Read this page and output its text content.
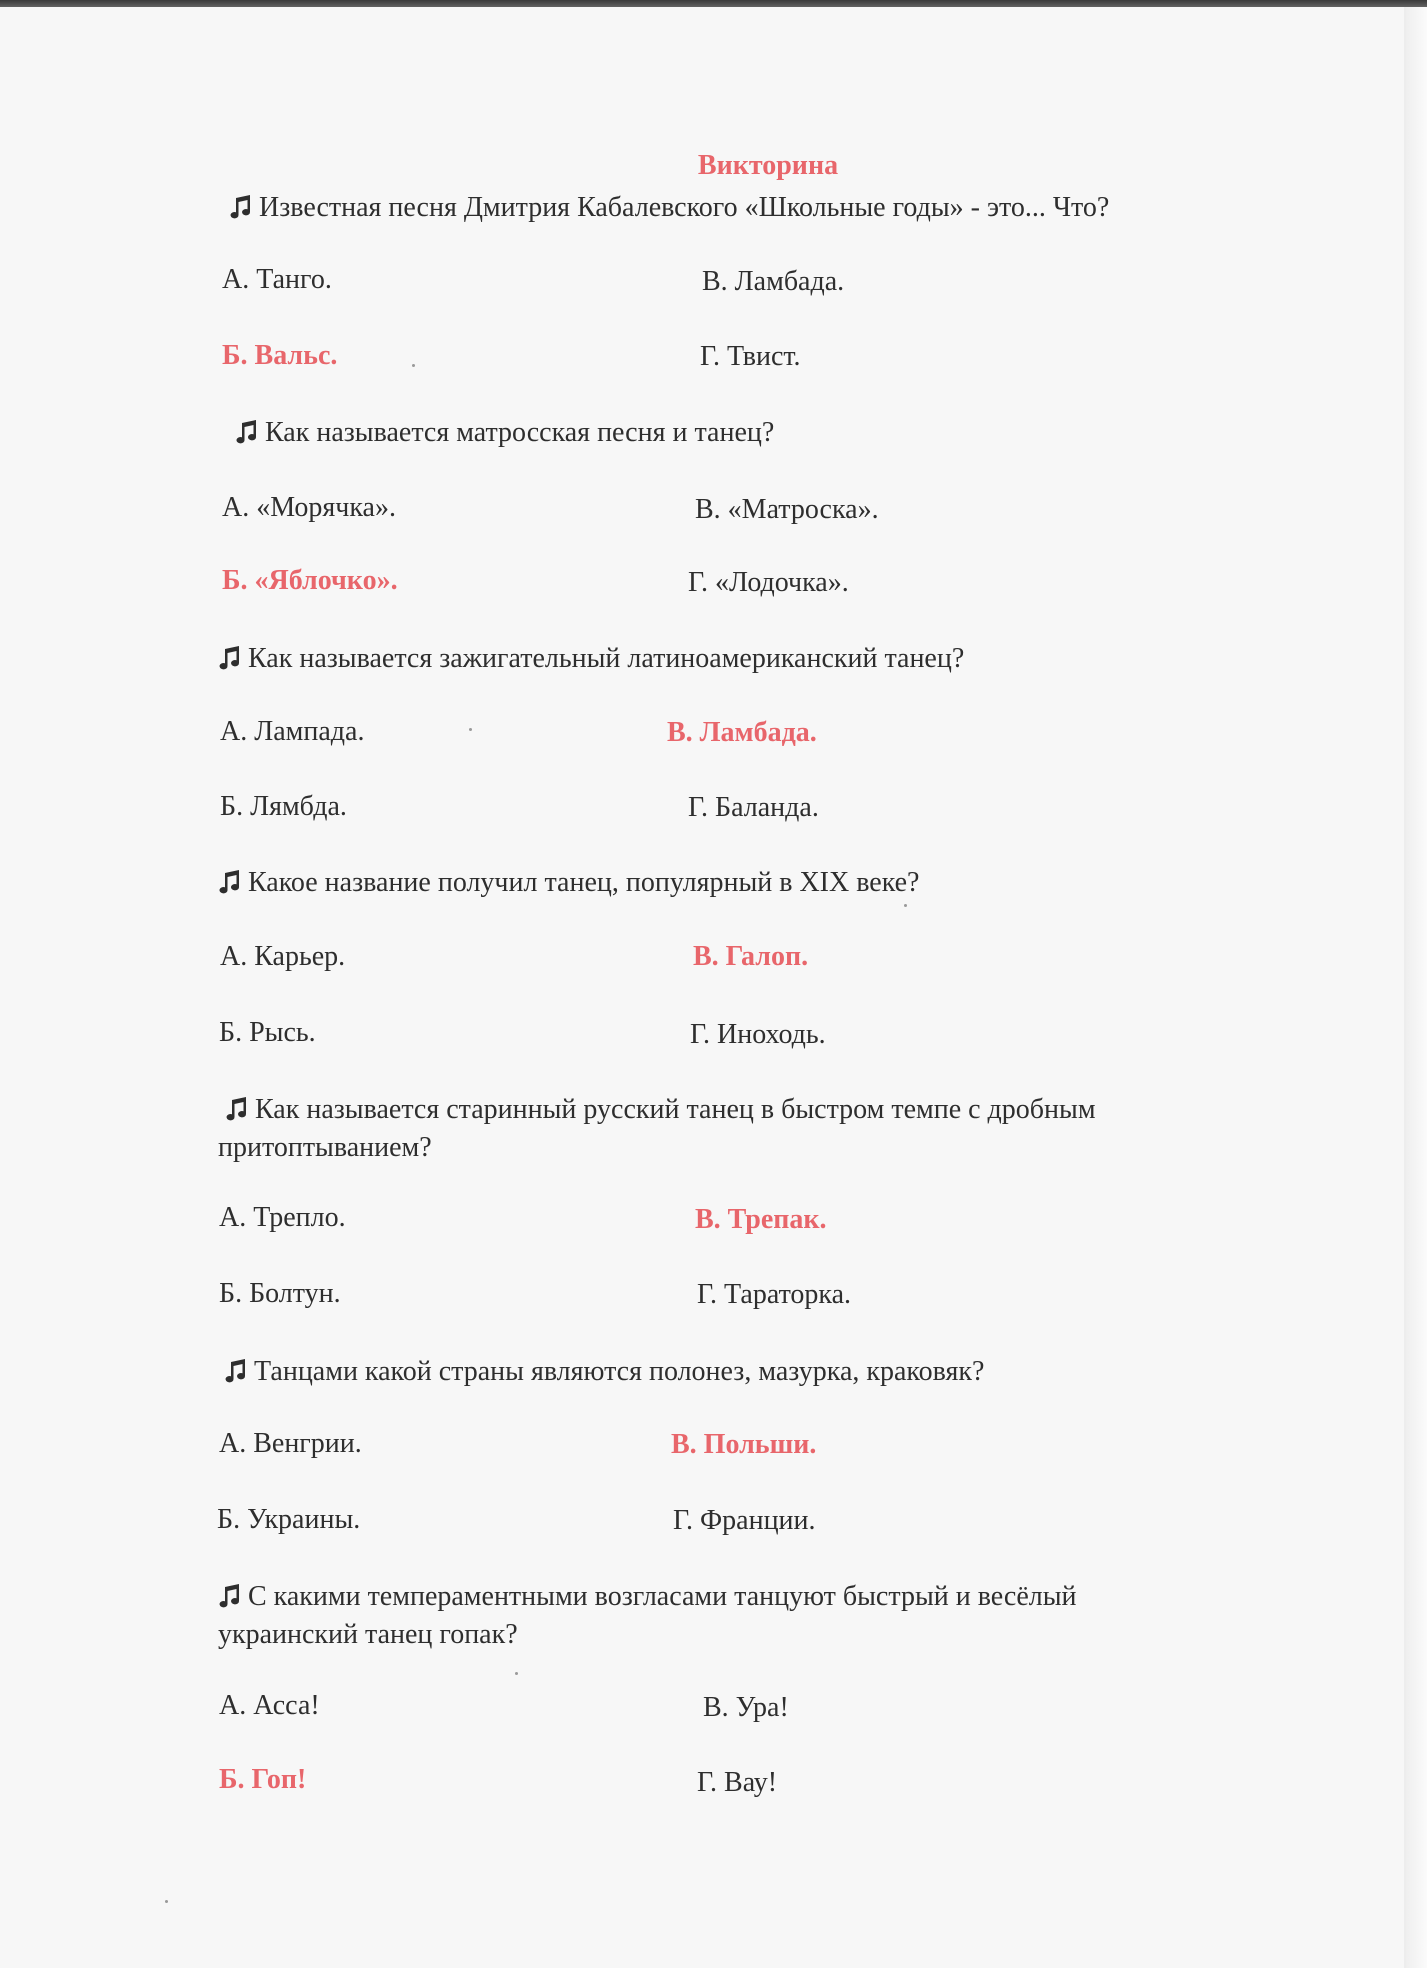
Викторина
Известная песня Дмитрия Кабалевского «Школьные годы» - это... Что?
А. Танго.	В. Ламбада.
Б. Вальс.	Г. Твист.
Как называется матросская песня и танец?
А. «Морячка».	В. «Матроска».
Б. «Яблочко».	Г. «Лодочка».
Как называется зажигательный латиноамериканский танец?
А. Лампада.	В. Ламбада.
Б. Лямбда.	Г. Баланда.
Какое название получил танец, популярный в XIX веке?
А. Карьер.	В. Галоп.
Б. Рысь.	Г. Иноходь.
Как называется старинный русский танец в быстром темпе с дробным
притоптыванием?
А. Трепло.	В. Трепак.
Б. Болтун.	Г. Тараторка.
Танцами какой страны являются полонез, мазурка, краковяк?
А. Венгрии.	В. Польши.
Б. Украины.	Г. Франции.
С какими темпераментными возгласами танцуют быстрый и весёлый
украинский танец гопак?
А. Асса!	В. Ура!
Б. Гоп!	Г. Вау!
